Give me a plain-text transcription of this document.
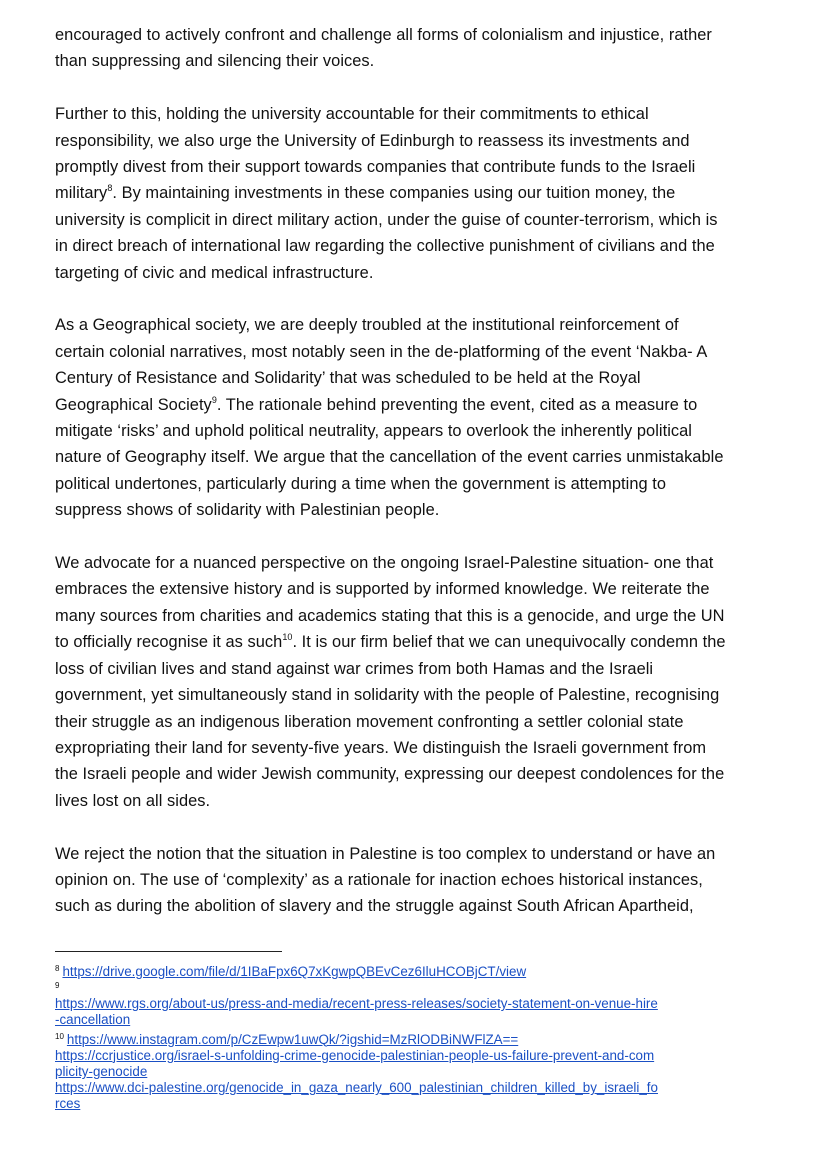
encouraged to actively confront and challenge all forms of colonialism and injustice, rather
than suppressing and silencing their voices.

Further to this, holding the university accountable for their commitments to ethical
responsibility, we also urge the University of Edinburgh to reassess its investments and
promptly divest from their support towards companies that contribute funds to the Israeli
military$^8$. By maintaining investments in these companies using our tuition money, the
university is complicit in direct military action, under the guise of counter-terrorism, which is
in direct breach of international law regarding the collective punishment of civilians and the
targeting of civic and medical infrastructure.

As a Geographical society, we are deeply troubled at the institutional reinforcement of
certain colonial narratives, most notably seen in the de-platforming of the event ‘Nakba- A
Century of Resistance and Solidarity’ that was scheduled to be held at the Royal
Geographical Society$^9$. The rationale behind preventing the event, cited as a measure to
mitigate ‘risks’ and uphold political neutrality, appears to overlook the inherently political
nature of Geography itself. We argue that the cancellation of the event carries unmistakable
political undertones, particularly during a time when the government is attempting to
suppress shows of solidarity with Palestinian people.

We advocate for a nuanced perspective on the ongoing Israel-Palestine situation- one that
embraces the extensive history and is supported by informed knowledge. We reiterate the
many sources from charities and academics stating that this is a genocide, and urge the UN
to officially recognise it as such$^{10}$. It is our firm belief that we can unequivocally condemn the
loss of civilian lives and stand against war crimes from both Hamas and the Israeli
government, yet simultaneously stand in solidarity with the people of Palestine, recognising
their struggle as an indigenous liberation movement confronting a settler colonial state
expropriating their land for seventy-five years. We distinguish the Israeli government from
the Israeli people and wider Jewish community, expressing our deepest condolences for the
lives lost on all sides.

We reject the notion that the situation in Palestine is too complex to understand or have an
opinion on. The use of ‘complexity’ as a rationale for inaction echoes historical instances,
such as during the abolition of slavery and the struggle against South African Apartheid,

$^8$ https://drive.google.com/file/d/1IBaFpx6Q7xKgwpQBEvCez6IluHCOBjCT/view
9
https://www.rgs.org/about-us/press-and-media/recent-press-releases/society-statement-on-venue-hire
-cancellation
$^{10}$ https://www.instagram.com/p/CzEwpw1uwQk/?igshid=MzRlODBiNWFlZA==
https://ccrjustice.org/israel-s-unfolding-crime-genocide-palestinian-people-us-failure-prevent-and-com
plicity-genocide
https://www.dci-palestine.org/genocide_in_gaza_nearly_600_palestinian_children_killed_by_israeli_fo
rces
